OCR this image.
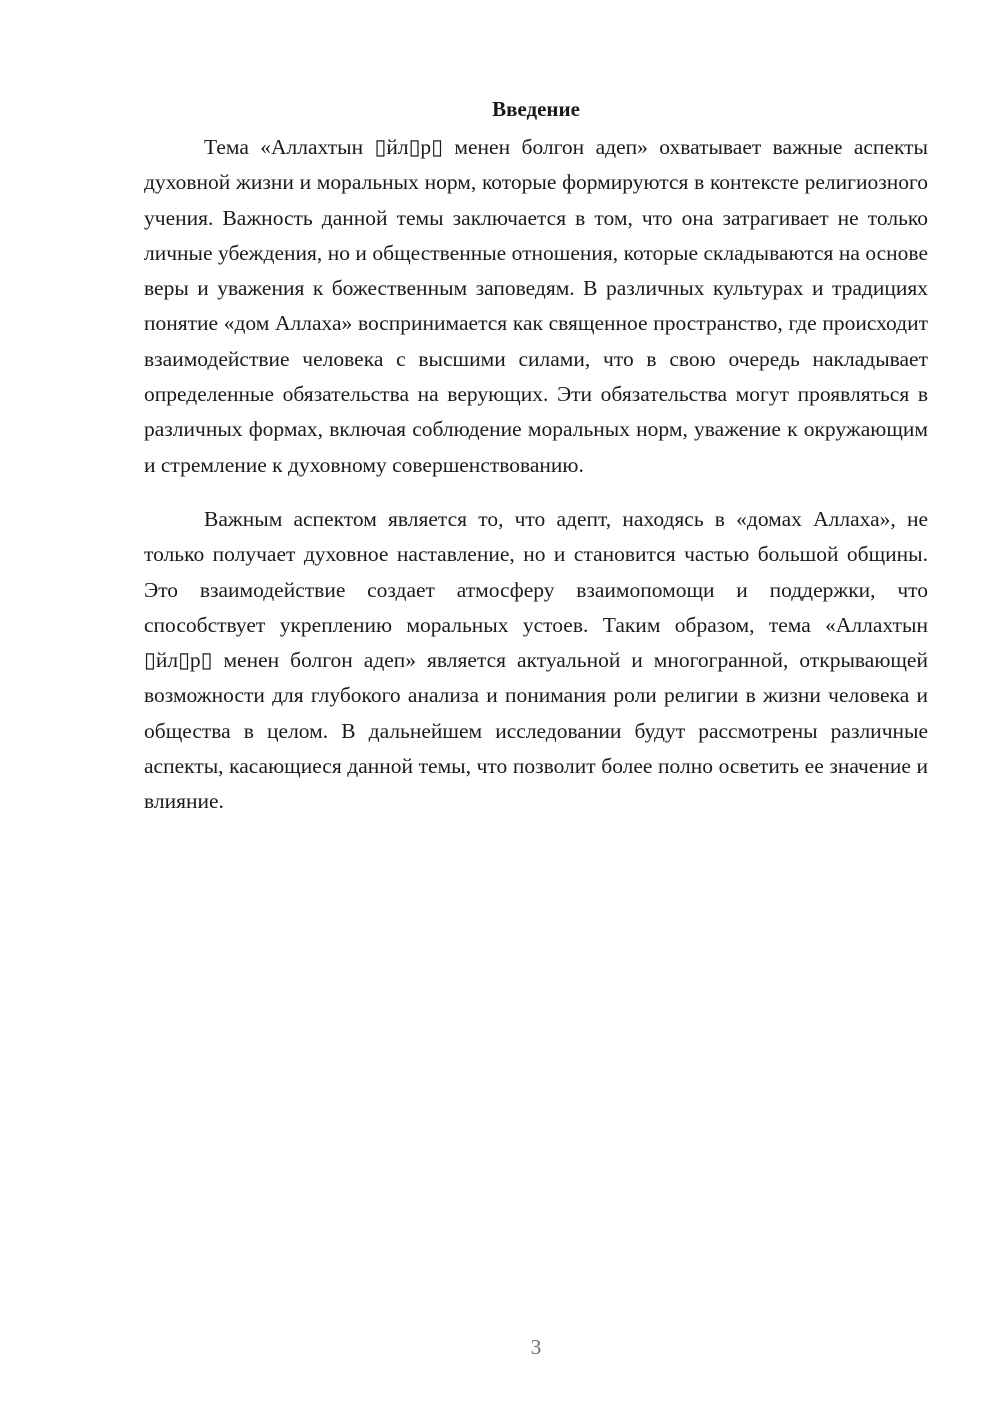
Введение

Тема «Аллахтын ▯йл▯р▯ менен болгон адеп» охватывает важные аспекты духовной жизни и моральных норм, которые формируются в контексте религиозного учения. Важность данной темы заключается в том, что она затрагивает не только личные убеждения, но и общественные отношения, которые складываются на основе веры и уважения к божественным заповедям. В различных культурах и традициях понятие «дом Аллаха» воспринимается как священное пространство, где происходит взаимодействие человека с высшими силами, что в свою очередь накладывает определенные обязательства на верующих. Эти обязательства могут проявляться в различных формах, включая соблюдение моральных норм, уважение к окружающим и стремление к духовному совершенствованию.

Важным аспектом является то, что адепт, находясь в «домах Аллаха», не только получает духовное наставление, но и становится частью большой общины. Это взаимодействие создает атмосферу взаимопомощи и поддержки, что способствует укреплению моральных устоев. Таким образом, тема «Аллахтын ▯йл▯р▯ менен болгон адеп» является актуальной и многогранной, открывающей возможности для глубокого анализа и понимания роли религии в жизни человека и общества в целом. В дальнейшем исследовании будут рассмотрены различные аспекты, касающиеся данной темы, что позволит более полно осветить ее значение и влияние.

3
